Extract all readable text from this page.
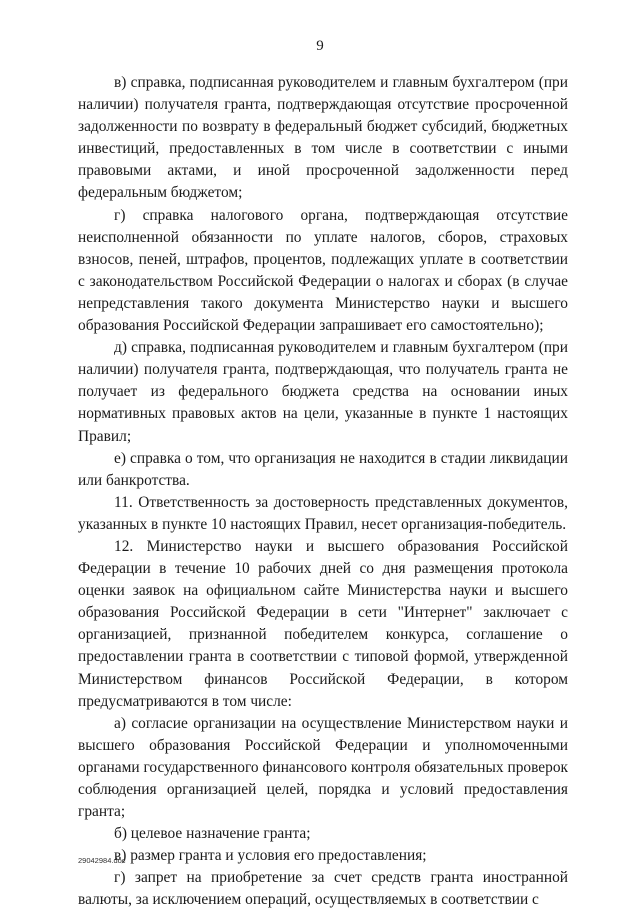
9

в) справка, подписанная руководителем и главным бухгалтером (при наличии) получателя гранта, подтверждающая отсутствие просроченной задолженности по возврату в федеральный бюджет субсидий, бюджетных инвестиций, предоставленных в том числе в соответствии с иными правовыми актами, и иной просроченной задолженности перед федеральным бюджетом;

г) справка налогового органа, подтверждающая отсутствие неисполненной обязанности по уплате налогов, сборов, страховых взносов, пеней, штрафов, процентов, подлежащих уплате в соответствии с законодательством Российской Федерации о налогах и сборах (в случае непредставления такого документа Министерство науки и высшего образования Российской Федерации запрашивает его самостоятельно);

д) справка, подписанная руководителем и главным бухгалтером (при наличии) получателя гранта, подтверждающая, что получатель гранта не получает из федерального бюджета средства на основании иных нормативных правовых актов на цели, указанные в пункте 1 настоящих Правил;

е) справка о том, что организация не находится в стадии ликвидации или банкротства.

11. Ответственность за достоверность представленных документов, указанных в пункте 10 настоящих Правил, несет организация-победитель.

12. Министерство науки и высшего образования Российской Федерации в течение 10 рабочих дней со дня размещения протокола оценки заявок на официальном сайте Министерства науки и высшего образования Российской Федерации в сети "Интернет" заключает с организацией, признанной победителем конкурса, соглашение о предоставлении гранта в соответствии с типовой формой, утвержденной Министерством финансов Российской Федерации, в котором предусматриваются в том числе:

а) согласие организации на осуществление Министерством науки и высшего образования Российской Федерации и уполномоченными органами государственного финансового контроля обязательных проверок соблюдения организацией целей, порядка и условий предоставления гранта;

б) целевое назначение гранта;

в) размер гранта и условия его предоставления;

г) запрет на приобретение за счет средств гранта иностранной валюты, за исключением операций, осуществляемых в соответствии с

29042984.doc
